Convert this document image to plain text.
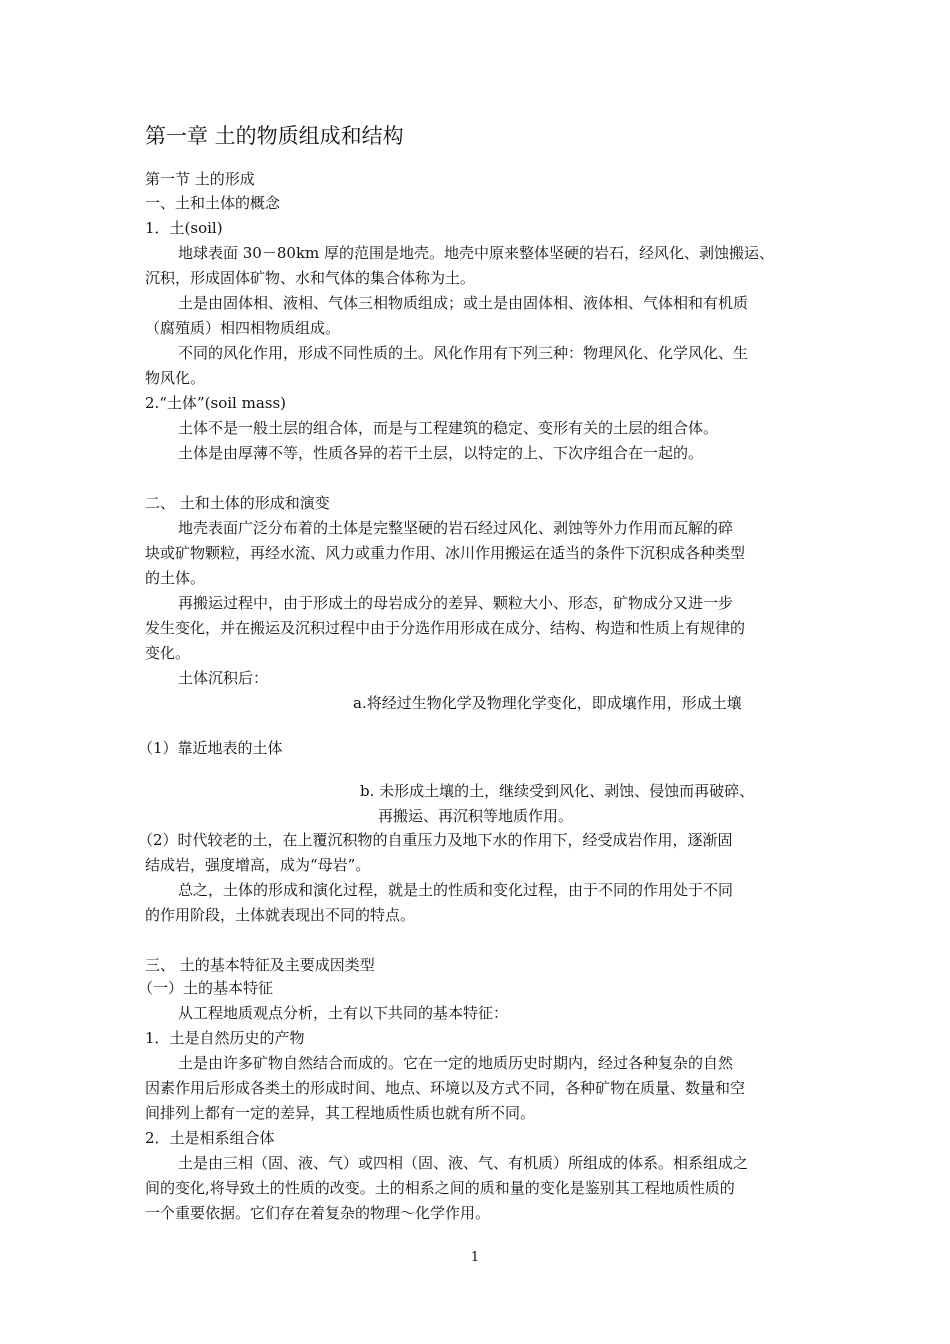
第一章 土的物质组成和结构
第一节 土的形成
一、土和土体的概念
1．土(soil)
地球表面 30－80km 厚的范围是地壳。地壳中原来整体坚硬的岩石，经风化、剥蚀搬运、
沉积，形成固体矿物、水和气体的集合体称为土。
土是由固体相、液相、气体三相物质组成；或土是由固体相、液体相、气体相和有机质
（腐殖质）相四相物质组成。
不同的风化作用，形成不同性质的土。风化作用有下列三种：物理风化、化学风化、生
物风化。
2.“土体”(soil mass)
土体不是一般土层的组合体，而是与工程建筑的稳定、变形有关的土层的组合体。
土体是由厚薄不等，性质各异的若干土层，以特定的上、下次序组合在一起的。
二、 土和土体的形成和演变
地壳表面广泛分布着的土体是完整坚硬的岩石经过风化、剥蚀等外力作用而瓦解的碎
块或矿物颗粒，再经水流、风力或重力作用、冰川作用搬运在适当的条件下沉积成各种类型
的土体。
再搬运过程中，由于形成土的母岩成分的差异、颗粒大小、形态，矿物成分又进一步
发生变化，并在搬运及沉积过程中由于分选作用形成在成分、结构、构造和性质上有规律的
变化。
土体沉积后：
a.将经过生物化学及物理化学变化，即成壤作用，形成土壤
（1）靠近地表的土体
b. 未形成土壤的土，继续受到风化、剥蚀、侵蚀而再破碎、
再搬运、再沉积等地质作用。
（2）时代较老的土，在上覆沉积物的自重压力及地下水的作用下，经受成岩作用，逐渐固
结成岩，强度增高，成为“母岩”。
总之，土体的形成和演化过程，就是土的性质和变化过程，由于不同的作用处于不同
的作用阶段，土体就表现出不同的特点。
三、 土的基本特征及主要成因类型
（一）土的基本特征
从工程地质观点分析，土有以下共同的基本特征：
1．土是自然历史的产物
土是由许多矿物自然结合而成的。它在一定的地质历史时期内，经过各种复杂的自然
因素作用后形成各类土的形成时间、地点、环境以及方式不同，各种矿物在质量、数量和空
间排列上都有一定的差异，其工程地质性质也就有所不同。
2．土是相系组合体
土是由三相（固、液、气）或四相（固、液、气、有机质）所组成的体系。相系组成之
间的变化,将导致土的性质的改变。土的相系之间的质和量的变化是鉴别其工程地质性质的
一个重要依据。它们存在着复杂的物理～化学作用。
1
